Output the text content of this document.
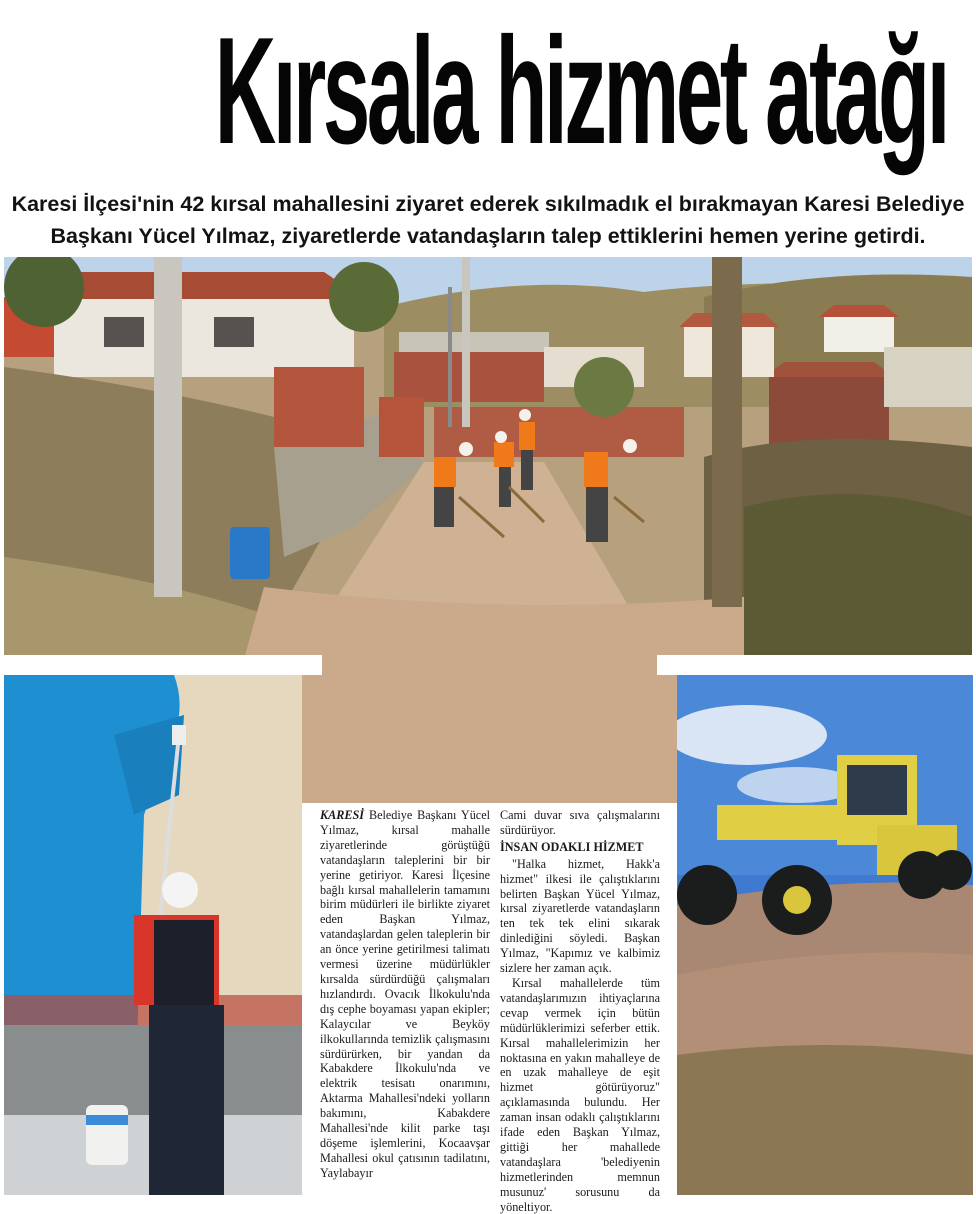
Kırsala hizmet atağı
Karesi İlçesi'nin 42 kırsal mahallesini ziyaret ederek sıkılmadık el bırakmayan Karesi Belediye Başkanı Yücel Yılmaz, ziyaretlerde vatandaşların talep ettiklerini hemen yerine getirdi.

KARESİ Belediye Başkanı Yücel Yılmaz, kırsal mahalle ziyaretlerinde görüştüğü vatandaşların taleplerini bir bir yerine getiriyor. Karesi İlçesine bağlı kırsal mahallelerin tamamını birim müdürleri ile birlikte ziyaret eden Başkan Yılmaz, vatandaşlardan gelen taleplerin bir an önce yerine getirilmesi talimatı vermesi üzerine müdürlükler kırsalda sürdürdüğü çalışmaları hızlandırdı. Ovacık İlkokulu'nda dış cephe boyaması yapan ekipler; Kalaycılar ve Beyköy ilkokullarında temizlik çalışmasını sürdürürken, bir yandan da Kabakdere İlkokulu'nda ve elektrik tesisatı onarımını, Aktarma Mahallesi'ndeki yolların bakımını, Kabakdere Mahallesi'nde kilit parke taşı döşeme işlemlerini, Kocaavşar Mahallesi okul çatısının tadilatını, Yaylabayır

Cami duvar sıva çalışmalarını sürdürüyor.

İNSAN ODAKLI HİZMET

"Halka hizmet, Hakk'a hizmet" ilkesi ile çalıştıklarını belirten Başkan Yücel Yılmaz, kırsal ziyaretlerde vatandaşların ten tek tek elini sıkarak dinlediğini söyledi. Başkan Yılmaz, "Kapımız ve kalbimiz sizlere her zaman açık.

Kırsal mahallelerde tüm vatandaşlarımızın ihtiyaçlarına cevap vermek için bütün müdürlüklerimizi seferber ettik. Kırsal mahallelerimizin her noktasına en yakın mahalleye de en uzak mahalleye de eşit hizmet götürüyoruz" açıklamasında bulundu. Her zaman insan odaklı çalıştıklarını ifade eden Başkan Yılmaz, gittiği her mahallede vatandaşlara 'belediyenin hizmetlerinden memnun musunuz' sorusunu da yöneltiyor.
